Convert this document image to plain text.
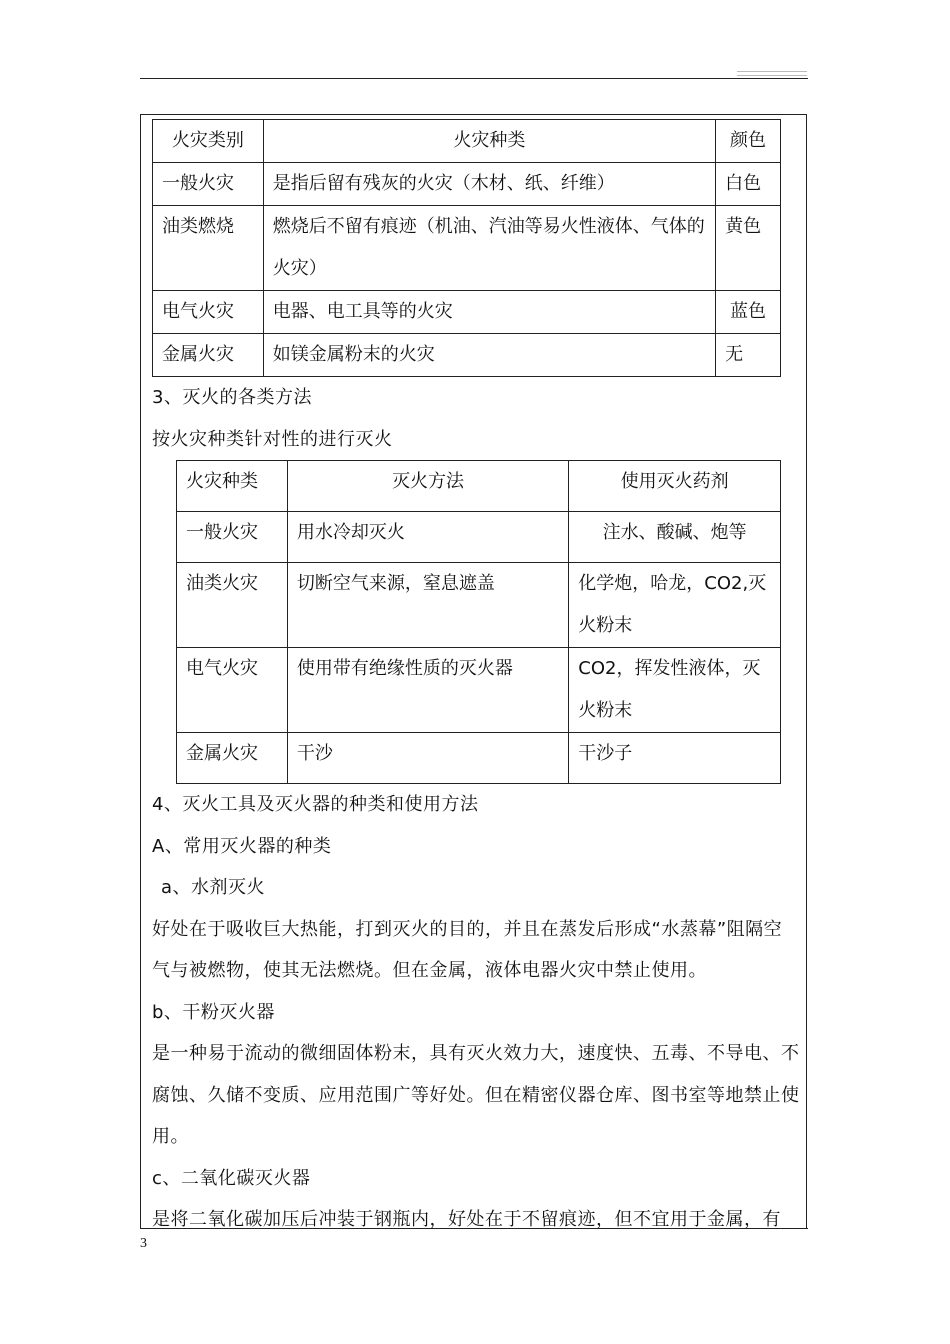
火灾类别	火灾种类	颜色
一般火灾	是指后留有残灰的火灾（木材、纸、纤维）	白色
油类燃烧	燃烧后不留有痕迹（机油、汽油等易火性液体、气体的火灾）	黄色
电气火灾	电器、电工具等的火灾	蓝色
金属火灾	如镁金属粉末的火灾	无

3、灭火的各类方法

按火灾种类针对性的进行灭火

火灾种类	灭火方法	使用灭火药剂
一般火灾	用水冷却灭火	注水、酸碱、炮等
油类火灾	切断空气来源，窒息遮盖	化学炮，哈龙，CO2,灭火粉末
电气火灾	使用带有绝缘性质的灭火器	CO2，挥发性液体，灭火粉末
金属火灾	干沙	干沙子

4、灭火工具及灭火器的种类和使用方法

A、常用灭火器的种类

a、水剂灭火

好处在于吸收巨大热能，打到灭火的目的，并且在蒸发后形成“水蒸幕”阻隔空气与被燃物，使其无法燃烧。但在金属，液体电器火灾中禁止使用。

b、干粉灭火器

是一种易于流动的微细固体粉末，具有灭火效力大，速度快、五毒、不导电、不腐蚀、久储不变质、应用范围广等好处。但在精密仪器仓库、图书室等地禁止使用。

c、二氧化碳灭火器

是将二氧化碳加压后冲装于钢瓶内，好处在于不留痕迹，但不宜用于金属，有

3
